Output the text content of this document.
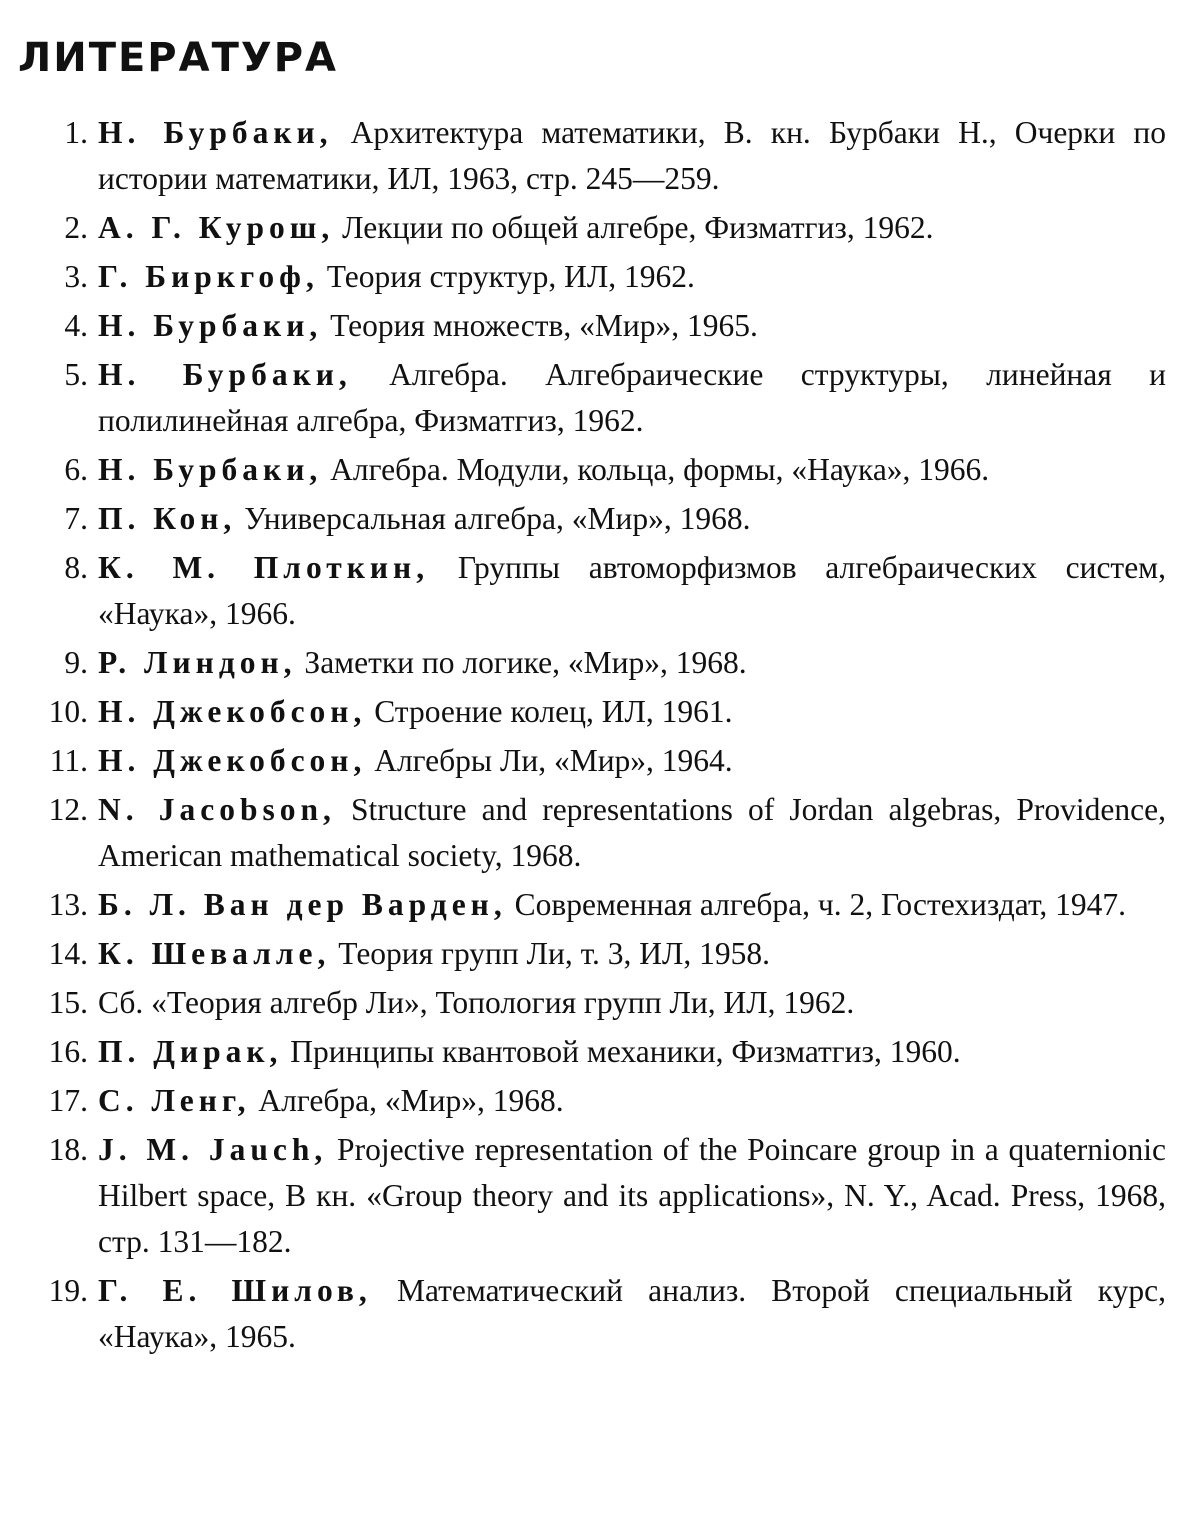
ЛИТЕРАТУРА
1. Н. Бурбаки, Архитектура математики, В. кн. Бурбаки Н., Очерки по истории математики, ИЛ, 1963, стр. 245—259.
2. А. Г. Курош, Лекции по общей алгебре, Физматгиз, 1962.
3. Г. Биркгоф, Теория структур, ИЛ, 1962.
4. Н. Бурбаки, Теория множеств, «Мир», 1965.
5. Н. Бурбаки, Алгебра. Алгебраические структуры, линейная и полилинейная алгебра, Физматгиз, 1962.
6. Н. Бурбаки, Алгебра. Модули, кольца, формы, «Наука», 1966.
7. П. Кон, Универсальная алгебра, «Мир», 1968.
8. К. М. Плоткин, Группы автоморфизмов алгебраических систем, «Наука», 1966.
9. Р. Линдон, Заметки по логике, «Мир», 1968.
10. Н. Джекобсон, Строение колец, ИЛ, 1961.
11. Н. Джекобсон, Алгебры Ли, «Мир», 1964.
12. N. Jacobson, Structure and representations of Jordan algebras, Providence, American mathematical society, 1968.
13. Б. Л. Ван дер Варден, Современная алгебра, ч. 2, Гостехиздат, 1947.
14. К. Шевалле, Теория групп Ли, т. 3, ИЛ, 1958.
15. Сб. «Теория алгебр Ли», Топология групп Ли, ИЛ, 1962.
16. П. Дирак, Принципы квантовой механики, Физматгиз, 1960.
17. С. Ленг, Алгебра, «Мир», 1968.
18. J. M. Jauch, Projective representation of the Poincare group in a quaternionic Hilbert space, В кн. «Group theory and its applications», N. Y., Acad. Press, 1968, стр. 131—182.
19. Г. Е. Шилов, Математический анализ. Второй специальный курс, «Наука», 1965.
